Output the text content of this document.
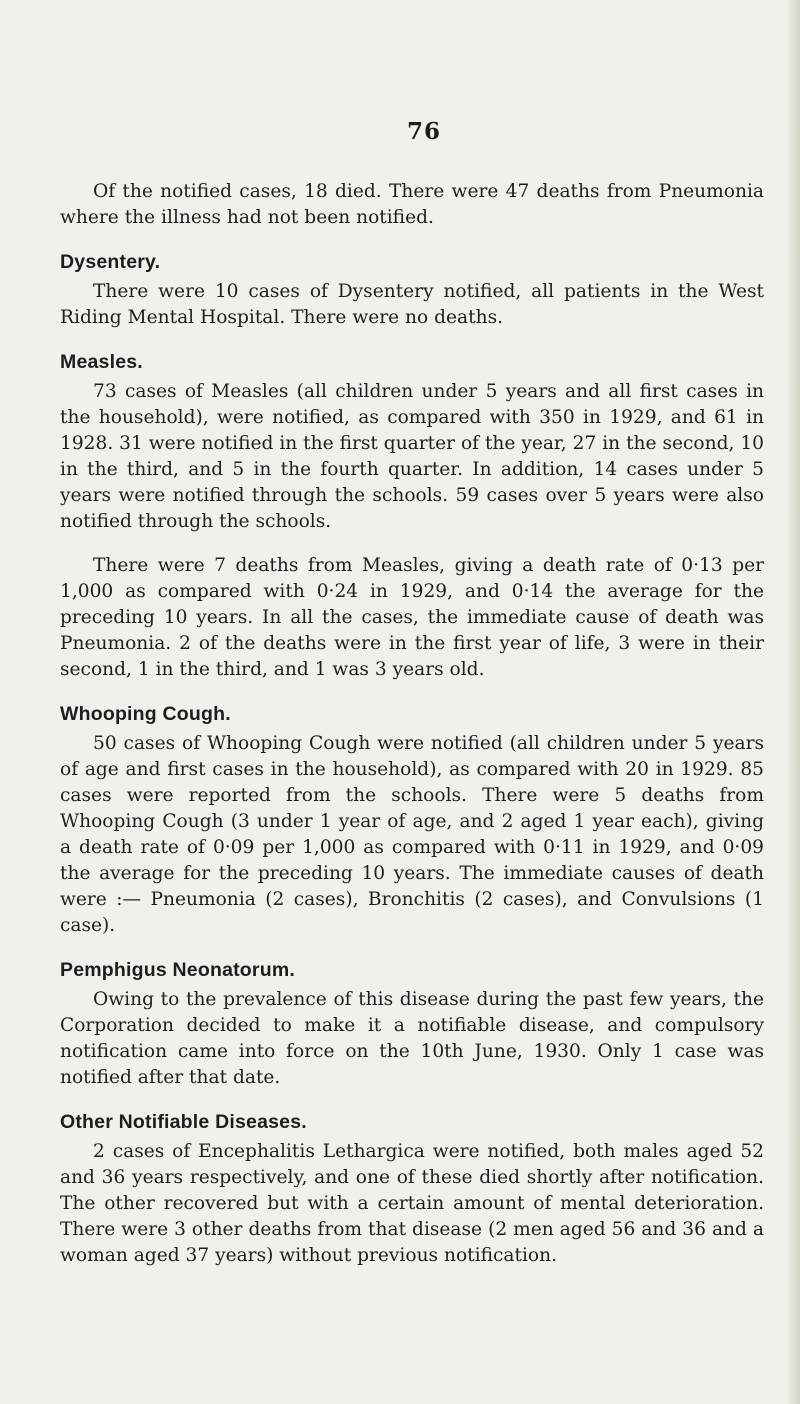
76

Of the notified cases, 18 died. There were 47 deaths from Pneumonia where the illness had not been notified.

Dysentery.

There were 10 cases of Dysentery notified, all patients in the West Riding Mental Hospital. There were no deaths.

Measles.

73 cases of Measles (all children under 5 years and all first cases in the household), were notified, as compared with 350 in 1929, and 61 in 1928. 31 were notified in the first quarter of the year, 27 in the second, 10 in the third, and 5 in the fourth quarter. In addition, 14 cases under 5 years were notified through the schools. 59 cases over 5 years were also notified through the schools.

There were 7 deaths from Measles, giving a death rate of 0·13 per 1,000 as compared with 0·24 in 1929, and 0·14 the average for the preceding 10 years. In all the cases, the immediate cause of death was Pneumonia. 2 of the deaths were in the first year of life, 3 were in their second, 1 in the third, and 1 was 3 years old.

Whooping Cough.

50 cases of Whooping Cough were notified (all children under 5 years of age and first cases in the household), as compared with 20 in 1929. 85 cases were reported from the schools. There were 5 deaths from Whooping Cough (3 under 1 year of age, and 2 aged 1 year each), giving a death rate of 0·09 per 1,000 as compared with 0·11 in 1929, and 0·09 the average for the preceding 10 years. The immediate causes of death were :— Pneumonia (2 cases), Bronchitis (2 cases), and Convulsions (1 case).

Pemphigus Neonatorum.

Owing to the prevalence of this disease during the past few years, the Corporation decided to make it a notifiable disease, and compulsory notification came into force on the 10th June, 1930. Only 1 case was notified after that date.

Other Notifiable Diseases.

2 cases of Encephalitis Lethargica were notified, both males aged 52 and 36 years respectively, and one of these died shortly after notification. The other recovered but with a certain amount of mental deterioration. There were 3 other deaths from that disease (2 men aged 56 and 36 and a woman aged 37 years) without previous notification.
